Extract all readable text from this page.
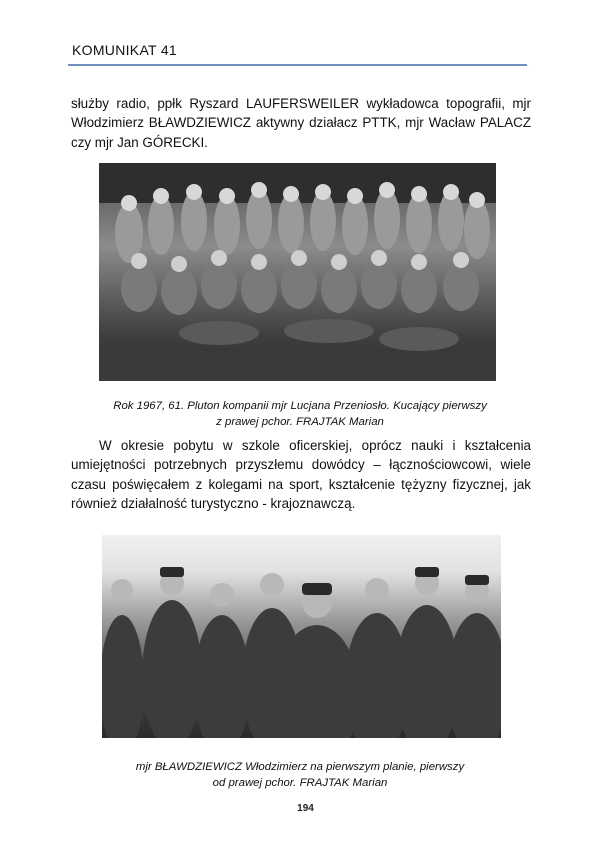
KOMUNIKAT 41

służby radio, ppłk Ryszard LAUFERSWEILER wykładowca topografii, mjr Włodzimierz BŁAWDZIEWICZ aktywny działacz PTTK, mjr Wacław PALACZ czy mjr Jan GÓRECKI.

Rok 1967, 61. Pluton kompanii mjr Lucjana Przeniosło. Kucający pierwszy
z prawej pchor. FRAJTAK Marian

W okresie pobytu w szkole oficerskiej, oprócz nauki i kształcenia umiejętności potrzebnych przyszłemu dowódcy – łącznościowcowi, wiele czasu poświęcałem z kolegami na sport, kształcenie tężyzny fizycznej, jak również działalność turystyczno - krajoznawczą.

mjr BŁAWDZIEWICZ Włodzimierz na pierwszym planie, pierwszy
od prawej pchor. FRAJTAK Marian
194
